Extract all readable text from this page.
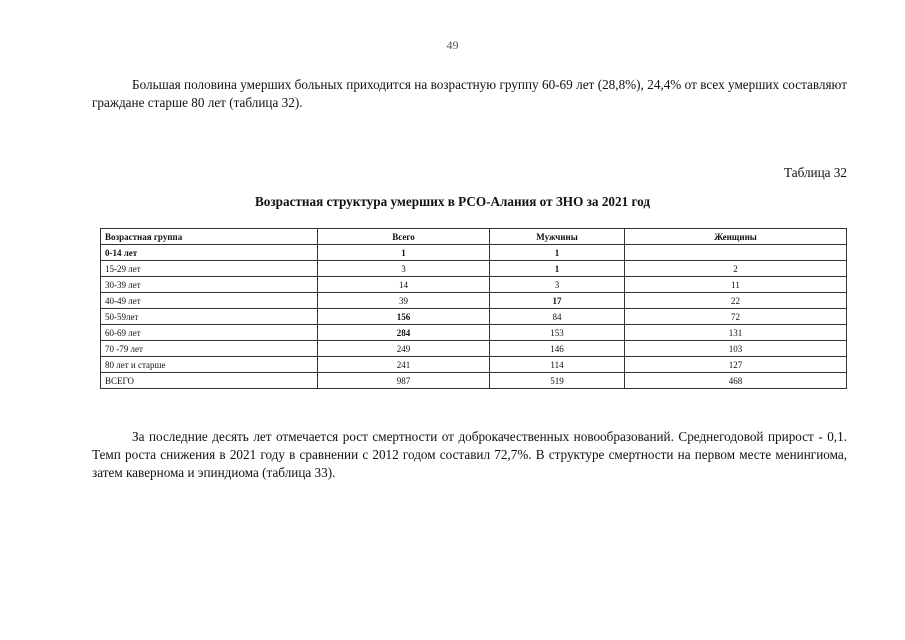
49

Большая половина умерших больных приходится на возрастную группу 60-69 лет (28,8%), 24,4% от всех умерших составляют граждане старше 80 лет (таблица 32).

Таблица 32
Возрастная структура умерших в РСО-Алания от ЗНО за 2021 год
Возрастная группа	Всего	Мужчины	Женщины
0-14 лет	1	1	
15-29 лет	3	1	2
30-39 лет	14	3	11
40-49 лет	39	17	22
50-59лет	156	84	72
60-69 лет	284	153	131
70 -79 лет	249	146	103
80 лет и старше	241	114	127
ВСЕГО	987	519	468

За последние десять лет отмечается рост смертности от доброкачественных новообразований. Среднегодовой прирост - 0,1. Темп роста снижения в 2021 году в сравнении с 2012 годом составил 72,7%. В структуре смертности на первом месте менингиома, затем кавернома и эпиндиома (таблица 33).
